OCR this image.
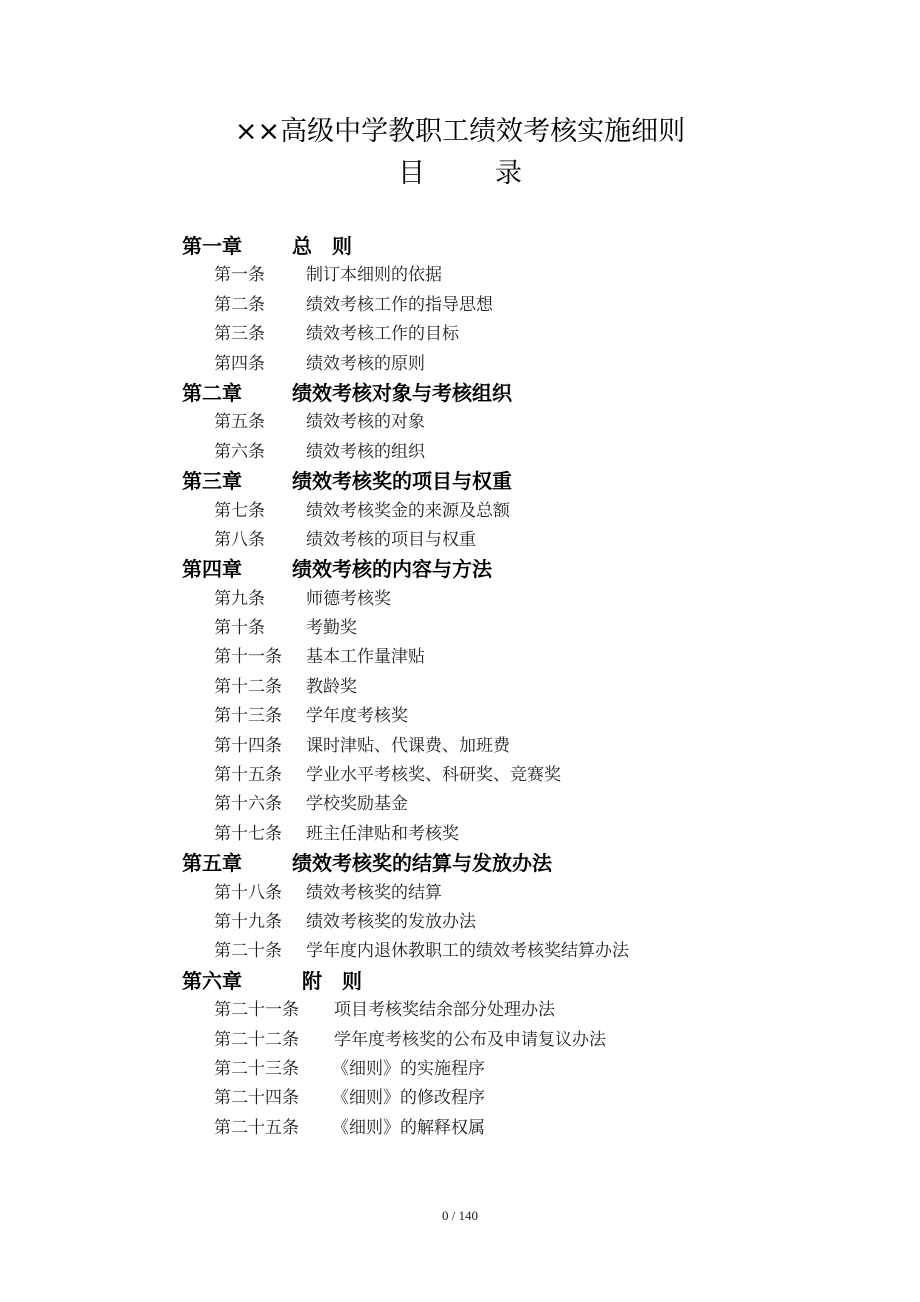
××高级中学教职工绩效考核实施细则
目	录
第一章	总　则
第一条 制订本细则的依据
第二条 绩效考核工作的指导思想
第三条 绩效考核工作的目标
第四条 绩效考核的原则
第二章	绩效考核对象与考核组织
第五条 绩效考核的对象
第六条 绩效考核的组织
第三章	绩效考核奖的项目与权重
第七条 绩效考核奖金的来源及总额
第八条 绩效考核的项目与权重
第四章	绩效考核的内容与方法
第九条 师德考核奖
第十条 考勤奖
第十一条 基本工作量津贴
第十二条 教龄奖
第十三条 学年度考核奖
第十四条 课时津贴、代课费、加班费
第十五条 学业水平考核奖、科研奖、竞赛奖
第十六条 学校奖励基金
第十七条 班主任津贴和考核奖
第五章	绩效考核奖的结算与发放办法
第十八条 绩效考核奖的结算
第十九条 绩效考核奖的发放办法
第二十条 学年度内退休教职工的绩效考核奖结算办法
第六章	附　则
第二十一条 项目考核奖结余部分处理办法
第二十二条 学年度考核奖的公布及申请复议办法
第二十三条 《细则》的实施程序
第二十四条 《细则》的修改程序
第二十五条 《细则》的解释权属
0 / 140
